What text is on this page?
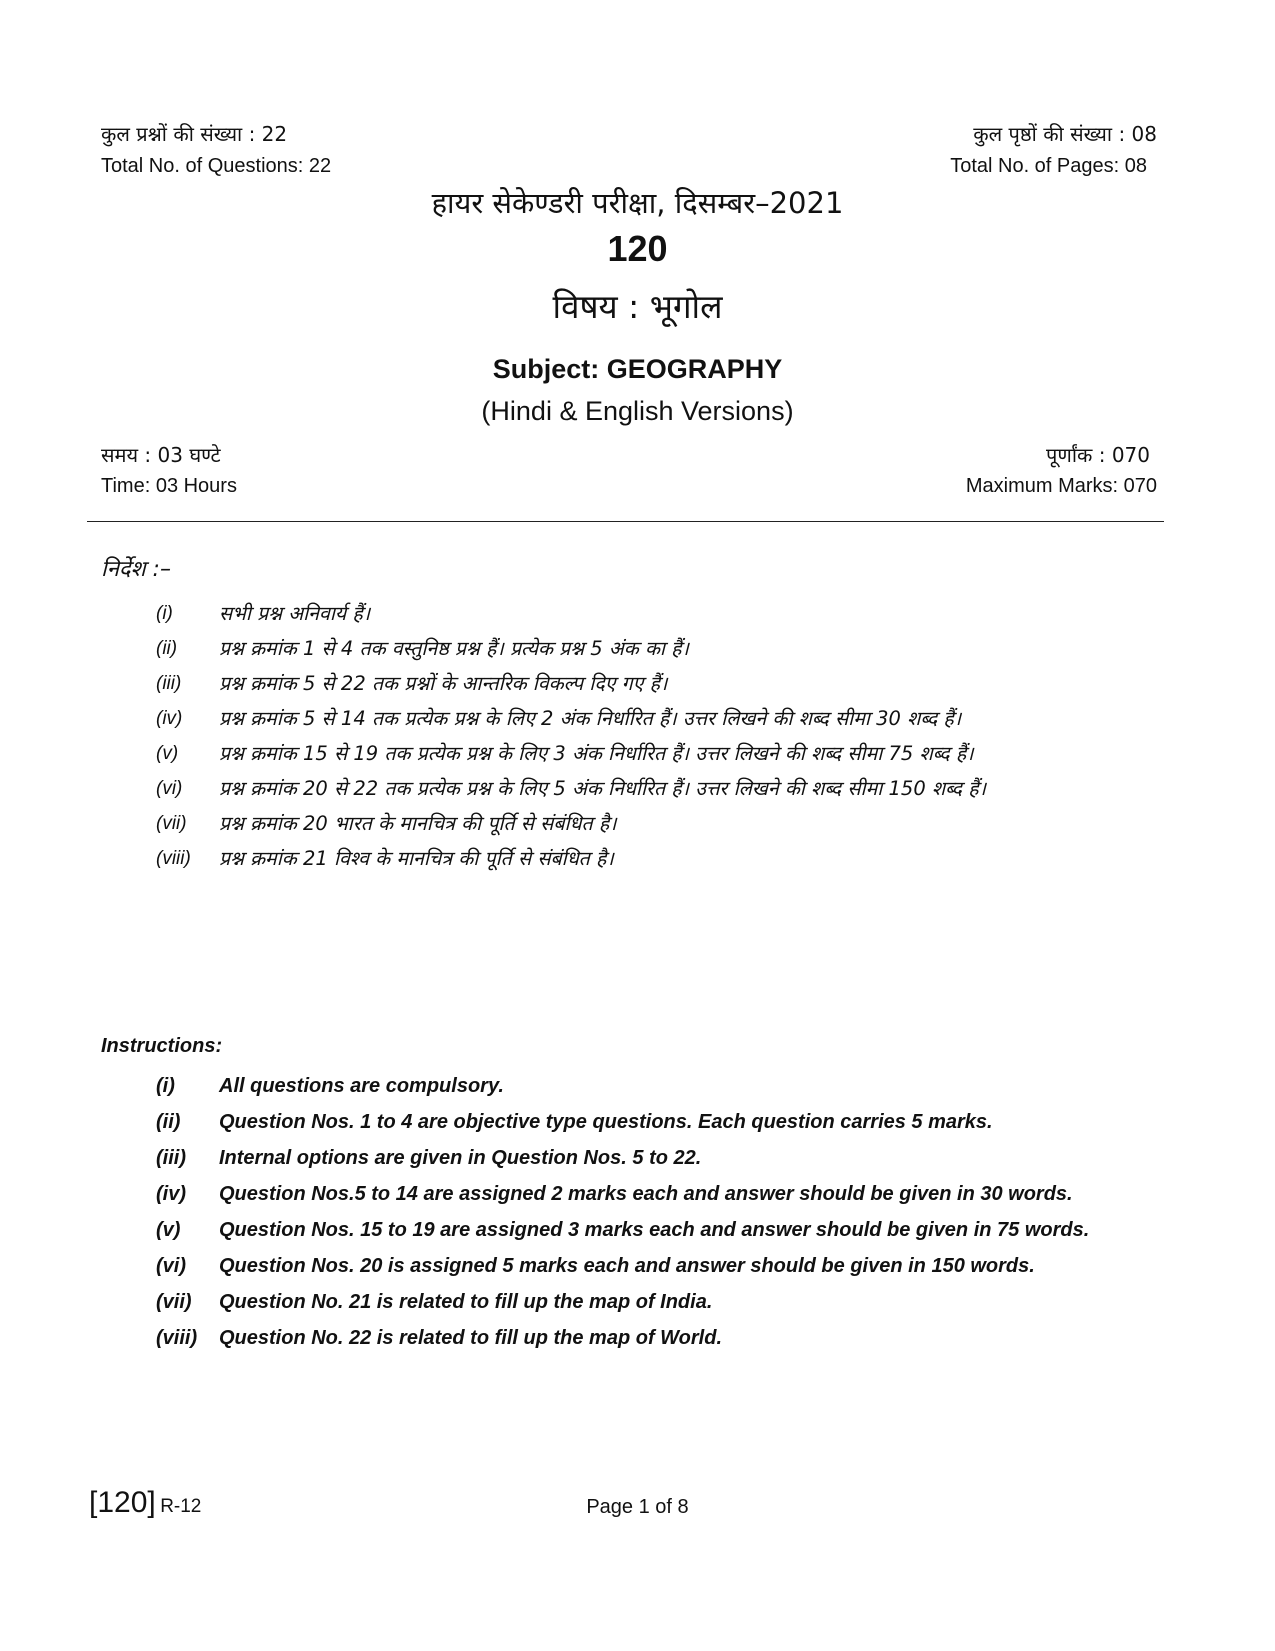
कुल प्रश्नों की संख्या : 22
Total No. of Questions: 22
कुल पृष्ठों की संख्या : 08
Total No. of Pages: 08
हायर सेकेण्डरी परीक्षा, दिसम्बर–2021
120
विषय : भूगोल
Subject: GEOGRAPHY
(Hindi & English Versions)
समय : 03 घण्टे
Time: 03 Hours
पूर्णांक : 070
Maximum Marks: 070
निर्देश :–
(i)	सभी प्रश्न अनिवार्य हैं।
(ii)	प्रश्न क्रमांक 1 से 4 तक वस्तुनिष्ठ प्रश्न हैं। प्रत्येक प्रश्न 5 अंक का हैं।
(iii)	प्रश्न क्रमांक 5 से 22 तक प्रश्नों के आन्तरिक विकल्प दिए गए हैं।
(iv)	प्रश्न क्रमांक 5 से 14 तक प्रत्येक प्रश्न के लिए 2 अंक निर्धारित हैं। उत्तर लिखने की शब्द सीमा 30 शब्द हैं।
(v)	प्रश्न क्रमांक 15 से 19 तक प्रत्येक प्रश्न के लिए 3 अंक निर्धारित हैं। उत्तर लिखने की शब्द सीमा 75 शब्द हैं।
(vi)	प्रश्न क्रमांक 20 से 22 तक प्रत्येक प्रश्न के लिए 5 अंक निर्धारित हैं। उत्तर लिखने की शब्द सीमा 150 शब्द हैं।
(vii)	प्रश्न क्रमांक 20 भारत के मानचित्र की पूर्ति से संबंधित है।
(viii)	प्रश्न क्रमांक 21 विश्व के मानचित्र की पूर्ति से संबंधित है।
Instructions:
(i)	All questions are compulsory.
(ii)	Question Nos. 1 to 4 are objective type questions. Each question carries 5 marks.
(iii)	Internal options are given in Question Nos. 5 to 22.
(iv)	Question Nos.5 to 14 are assigned 2 marks each and answer should be given in 30 words.
(v)	Question Nos. 15 to 19 are assigned 3 marks each and answer should be given in 75 words.
(vi)	Question Nos. 20 is assigned 5 marks each and answer should be given in 150 words.
(vii)	Question No. 21 is related to fill up the map of India.
(viii)	Question No. 22 is related to fill up the map of World.
[120] R-12	Page 1 of 8
